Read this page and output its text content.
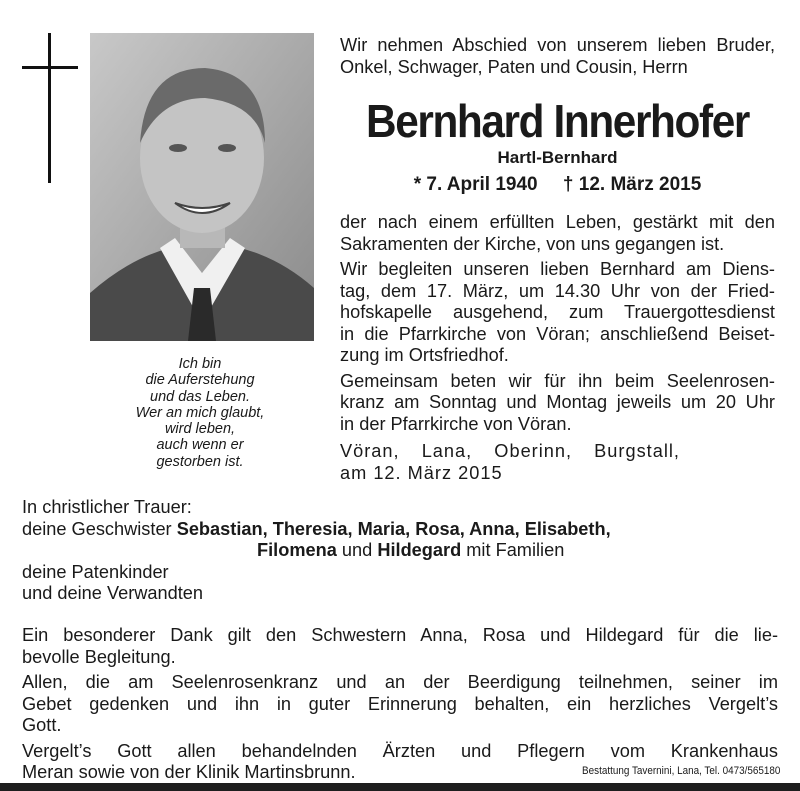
Ich bin
die Auferstehung
und das Leben.
Wer an mich glaubt,
wird leben,
auch wenn er
gestorben ist.
Wir nehmen Abschied von unserem lieben Bruder,
Onkel, Schwager, Paten und Cousin, Herrn
Bernhard Innerhofer
Hartl-Bernhard
* 7. April 1940 † 12. März 2015
der nach einem erfüllten Leben, gestärkt mit den
Sakramenten der Kirche, von uns gegangen ist.
Wir begleiten unseren lieben Bernhard am Diens-
tag, dem 17. März, um 14.30 Uhr von der Fried-
hofskapelle ausgehend, zum Trauergottesdienst
in die Pfarrkirche von Vöran; anschließend Beiset-
zung im Ortsfriedhof.
Gemeinsam beten wir für ihn beim Seelenrosen-
kranz am Sonntag und Montag jeweils um 20 Uhr
in der Pfarrkirche von Vöran.
Vöran, Lana, Oberinn, Burgstall,
am 12. März 2015
In christlicher Trauer:
deine Geschwister Sebastian, Theresia, Maria, Rosa, Anna, Elisabeth,
Filomena und Hildegard mit Familien
deine Patenkinder
und deine Verwandten
Ein besonderer Dank gilt den Schwestern Anna, Rosa und Hildegard für die lie-
bevolle Begleitung.
Allen, die am Seelenrosenkranz und an der Beerdigung teilnehmen, seiner im
Gebet gedenken und ihn in guter Erinnerung behalten, ein herzliches Vergelt’s
Gott.
Vergelt’s Gott allen behandelnden Ärzten und Pflegern vom Krankenhaus
Meran sowie von der Klinik Martinsbrunn.	Bestattung Tavernini, Lana, Tel. 0473/565180
